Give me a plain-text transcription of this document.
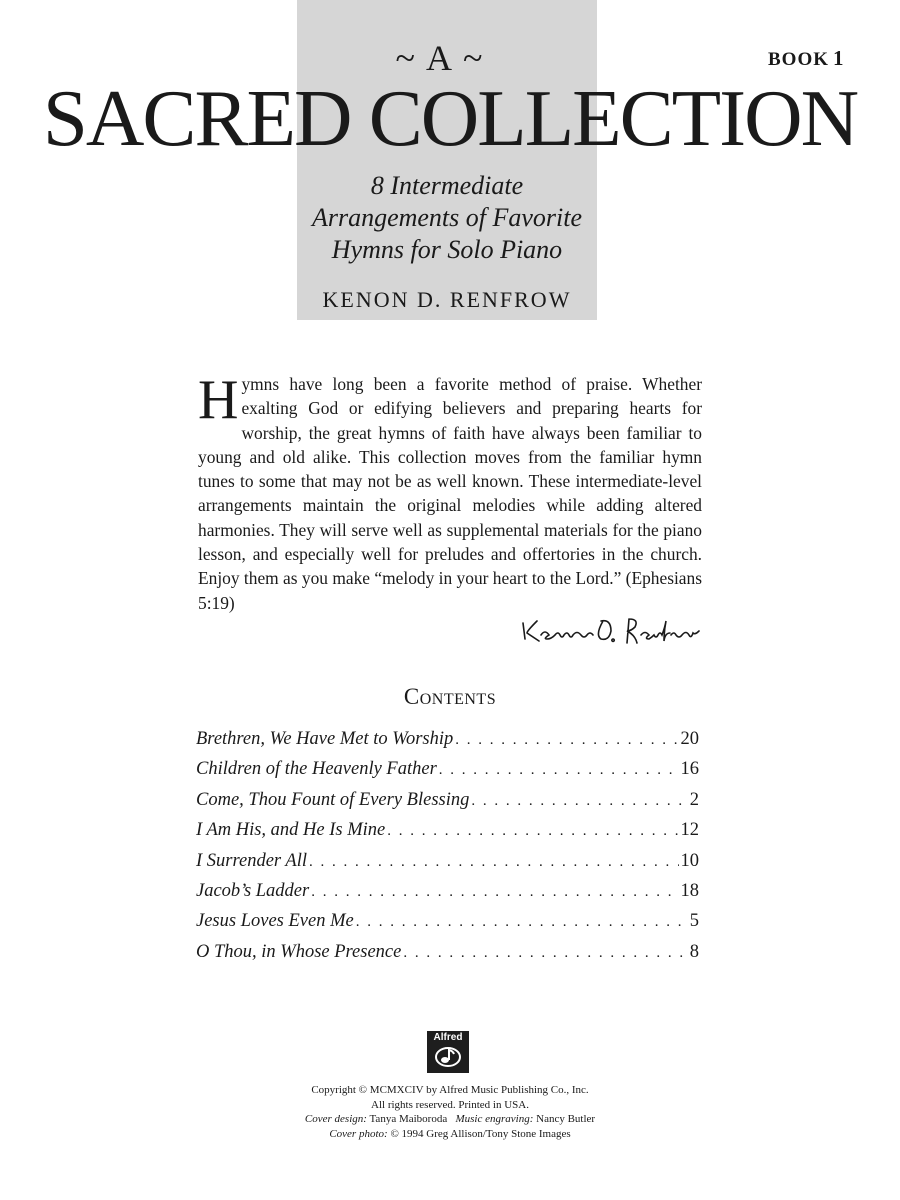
BOOK 1
~ A ~
SACRED COLLECTION
8 Intermediate
Arrangements of Favorite
Hymns for Solo Piano
KENON D. RENFROW
Hymns have long been a favorite method of praise. Whether exalting God or edifying believers and preparing hearts for worship, the great hymns of faith have always been familiar to young and old alike. This collection moves from the familiar hymn tunes to some that may not be as well known. These intermediate-level arrangements maintain the original melodies while adding altered harmonies. They will serve well as supplemental materials for the piano lesson, and especially well for preludes and offertories in the church. Enjoy them as you make “melody in your heart to the Lord.” (Ephesians 5:19)
Contents
Brethren, We Have Met to Worship . . .	20
Children of the Heavenly Father . . .	16
Come, Thou Fount of Every Blessing . . .	2
I Am His, and He Is Mine . . .	12
I Surrender All . . .	10
Jacob’s Ladder . . .	18
Jesus Loves Even Me . . .	5
O Thou, in Whose Presence . . .	8
Alfred
Copyright © MCMXCIV by Alfred Music Publishing Co., Inc.
All rights reserved. Printed in USA.
Cover design: Tanya Maiboroda Music engraving: Nancy Butler
Cover photo: © 1994 Greg Allison/Tony Stone Images
